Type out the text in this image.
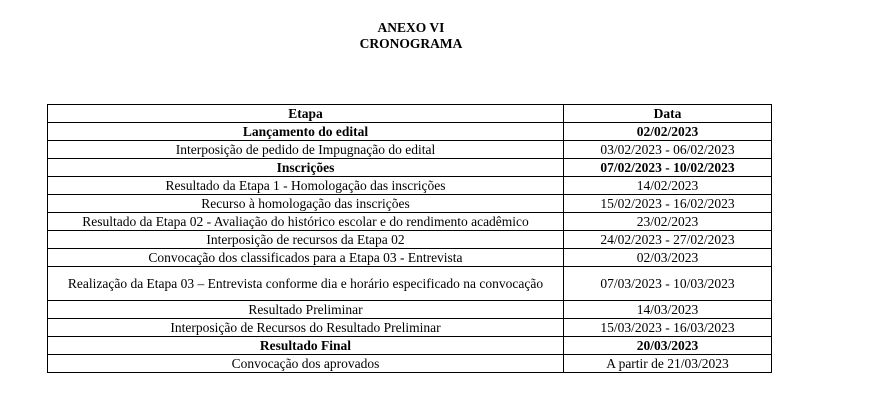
ANEXO VI
CRONOGRAMA
Etapa	Data
Lançamento do edital	02/02/2023
Interposição de pedido de Impugnação do edital	03/02/2023 - 06/02/2023
Inscrições	07/02/2023 - 10/02/2023
Resultado da Etapa 1 - Homologação das inscrições	14/02/2023
Recurso à homologação das inscrições	15/02/2023 - 16/02/2023
Resultado da Etapa 02 - Avaliação do histórico escolar e do rendimento acadêmico	23/02/2023
Interposição de recursos da Etapa 02	24/02/2023 - 27/02/2023
Convocação dos classificados para a Etapa 03 - Entrevista	02/03/2023
Realização da Etapa 03 – Entrevista conforme dia e horário especificado na convocação	07/03/2023 - 10/03/2023
Resultado Preliminar	14/03/2023
Interposição de Recursos do Resultado Preliminar	15/03/2023 - 16/03/2023
Resultado Final	20/03/2023
Convocação dos aprovados	A partir de 21/03/2023
